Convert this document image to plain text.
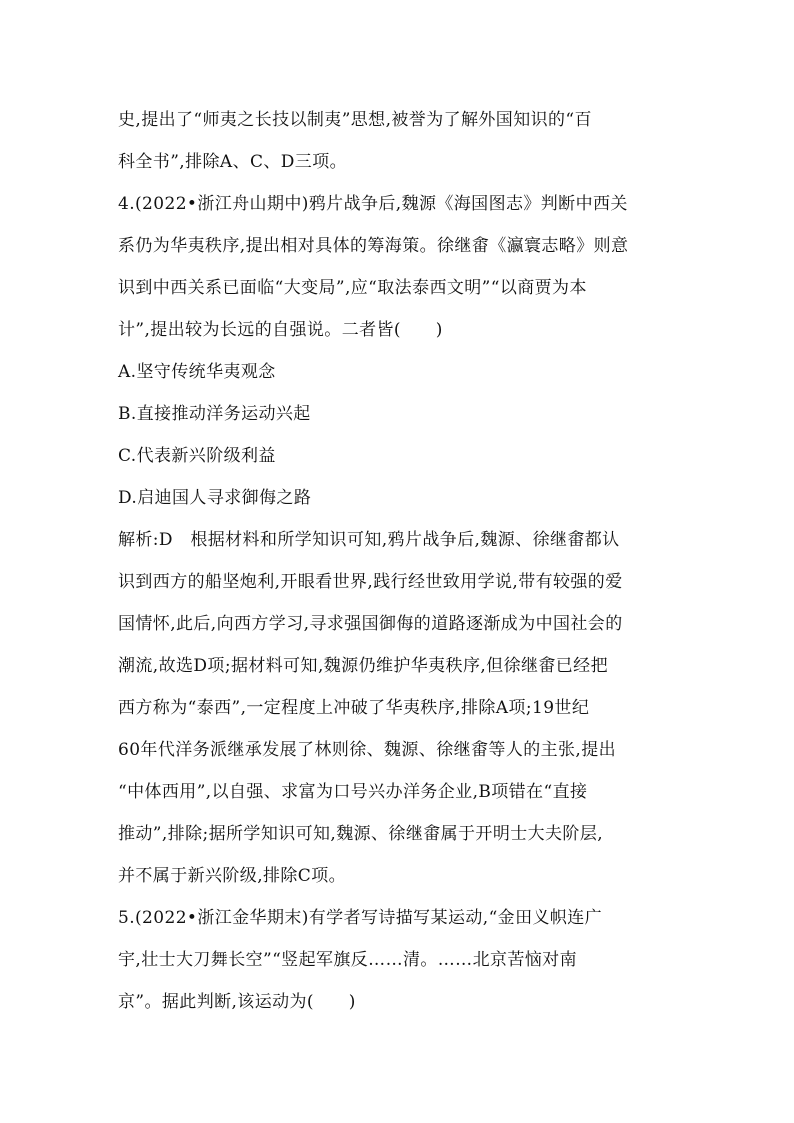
史,提出了“师夷之长技以制夷”思想,被誉为了解外国知识的“百
科全书”,排除A、C、D三项。
4.(2022•浙江舟山期中)鸦片战争后,魏源《海国图志》判断中西关
系仍为华夷秩序,提出相对具体的筹海策。徐继畬《瀛寰志略》则意
识到中西关系已面临“大变局”,应“取法泰西文明”“以商贾为本
计”,提出较为长远的自强说。二者皆(　　)
A.坚守传统华夷观念
B.直接推动洋务运动兴起
C.代表新兴阶级利益
D.启迪国人寻求御侮之路
解析:D　根据材料和所学知识可知,鸦片战争后,魏源、徐继畬都认
识到西方的船坚炮利,开眼看世界,践行经世致用学说,带有较强的爱
国情怀,此后,向西方学习,寻求强国御侮的道路逐渐成为中国社会的
潮流,故选D项;据材料可知,魏源仍维护华夷秩序,但徐继畬已经把
西方称为“泰西”,一定程度上冲破了华夷秩序,排除A项;19世纪
60年代洋务派继承发展了林则徐、魏源、徐继畬等人的主张,提出
“中体西用”,以自强、求富为口号兴办洋务企业,B项错在“直接
推动”,排除;据所学知识可知,魏源、徐继畬属于开明士大夫阶层,
并不属于新兴阶级,排除C项。
5.(2022•浙江金华期末)有学者写诗描写某运动,“金田义帜连广
宇,壮士大刀舞长空”“竖起军旗反……清。……北京苦恼对南
京”。据此判断,该运动为(　　)
